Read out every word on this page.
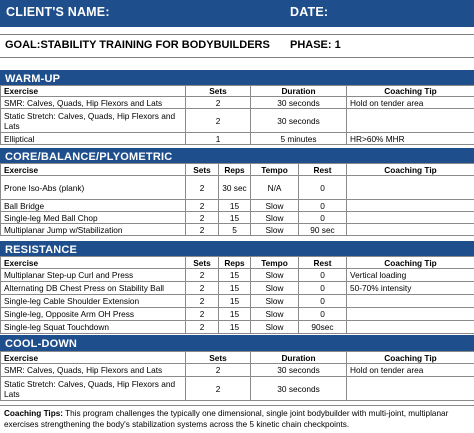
CLIENT'S NAME:	DATE:
GOAL:STABILITY TRAINING FOR BODYBUILDERS PHASE: 1
WARM-UP
Exercise	Sets	Duration	Coaching Tip
SMR: Calves, Quads, Hip Flexors and Lats	2	30 seconds	Hold on tender area
Static Stretch: Calves, Quads, Hip Flexors and Lats	2	30 seconds	
Elliptical	1	5 minutes	HR>60% MHR
CORE/BALANCE/PLYOMETRIC
Exercise	Sets	Reps	Tempo	Rest	Coaching Tip
Prone Iso-Abs (plank)	2	30 sec	N/A	0	
Ball Bridge	2	15	Slow	0	
Single-leg Med Ball Chop	2	15	Slow	0	
Multiplanar Jump w/Stabilization	2	5	Slow	90 sec	
RESISTANCE
Exercise	Sets	Reps	Tempo	Rest	Coaching Tip
Multiplanar Step-up Curl and Press	2	15	Slow	0	Vertical loading
Alternating DB Chest Press on Stability Ball	2	15	Slow	0	50-70% intensity
Single-leg Cable Shoulder Extension	2	15	Slow	0	
Single-leg, Opposite Arm OH Press	2	15	Slow	0	
Single-leg Squat Touchdown	2	15	Slow	90sec	
COOL-DOWN
Exercise	Sets	Duration	Coaching Tip
SMR: Calves, Quads, Hip Flexors and Lats	2	30 seconds	Hold on tender area
Static Stretch: Calves, Quads, Hip Flexors and Lats	2	30 seconds	
Coaching Tips: This program challenges the typically one dimensional, single joint bodybuilder with multi-joint, multiplanar exercises strengthening the body's stabilization systems across the 5 kinetic chain checkpoints.
